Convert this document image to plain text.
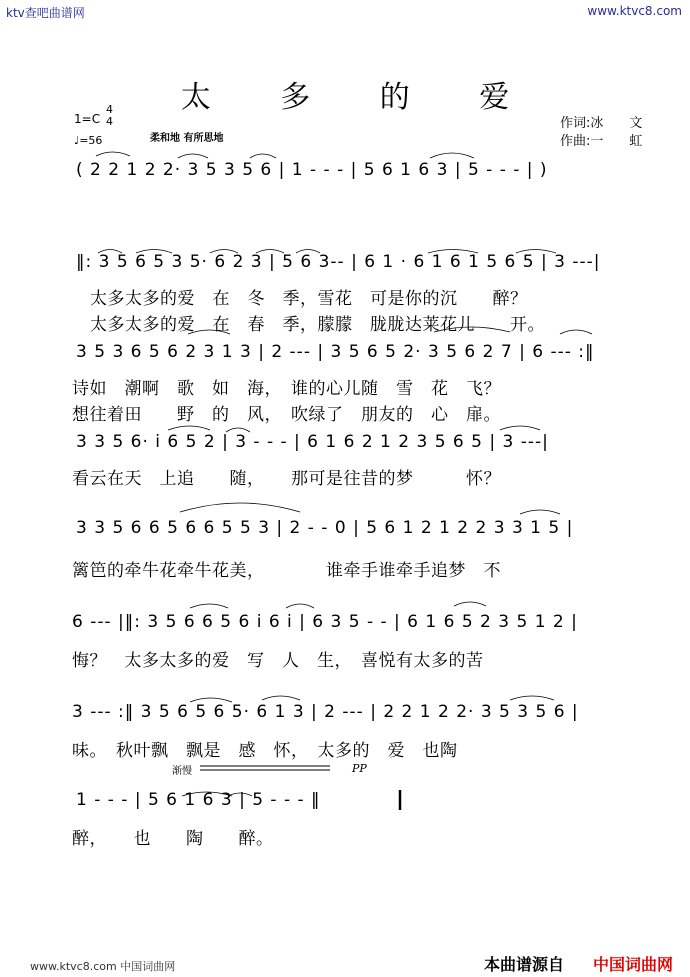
ktv查吧曲谱网	www.ktvc8.com
太 多 的 爱
1=C
4
4
♩=56	柔和地 有所思地
作词:冰　　文
作曲:一　　虹
( 2 2 1 2 2· 3 5 3 5 6 | 1 - - - | 5 6 1 6 3 | 5 - - - | )
‖: 3 5 6 5 3 5· 6 2 3 | 5 6 3-- | 6 1 · 6 1 6 1 5 6 5 | 3 ---|
太多太多的爱　在　冬　季，雪花　可是你的沉　　醉？
太多太多的爱　在　春　季，朦朦　胧胧达莱花儿　　开。
3 5 3 6 5 6 2 3 1 3 | 2 --- | 3 5 6 5 2· 3 5 6 2 7 | 6 --- :‖
诗如　潮啊　歌　如　海，　谁的心儿随　雪　花　飞？
想往着田　　野　的　风，　吹绿了　朋友的　心　扉。
3 3 5 6· i 6 5 2 | 3 - - - | 6 1 6 2 1 2 3 5 6 5 | 3 ---|
看云在天　上追　　随，　　那可是往昔的梦　　　怀？
3 3 5 6 6 5 6 6 5 5 3 | 2 - - 0 | 5 6 1 2 1 2 2 3 3 1 5 |
篱笆的牵牛花牵牛花美，　　　　谁牵手谁牵手追梦　不
6 --- |‖: 3 5 6 6 5 6 i 6 i | 6 3 5 - - | 6 1 6 5 2 3 5 1 2 |
悔？　太多太多的爱　写　人　生，　喜悦有太多的苦
3 --- :‖ 3 5 6 5 6 5· 6 1 3 | 2 --- | 2 2 1 2 2· 3 5 3 5 6 |
味。　秋叶飘　飘是　感　怀，　太多的　爱　也陶
渐慢	PP
1 - - - | 5 6 1 6 3 | 5 - - - ‖
醉，　　也　　陶　　醉。
www.ktvc8.com 中国词曲网	本曲谱源自 中国词曲网
